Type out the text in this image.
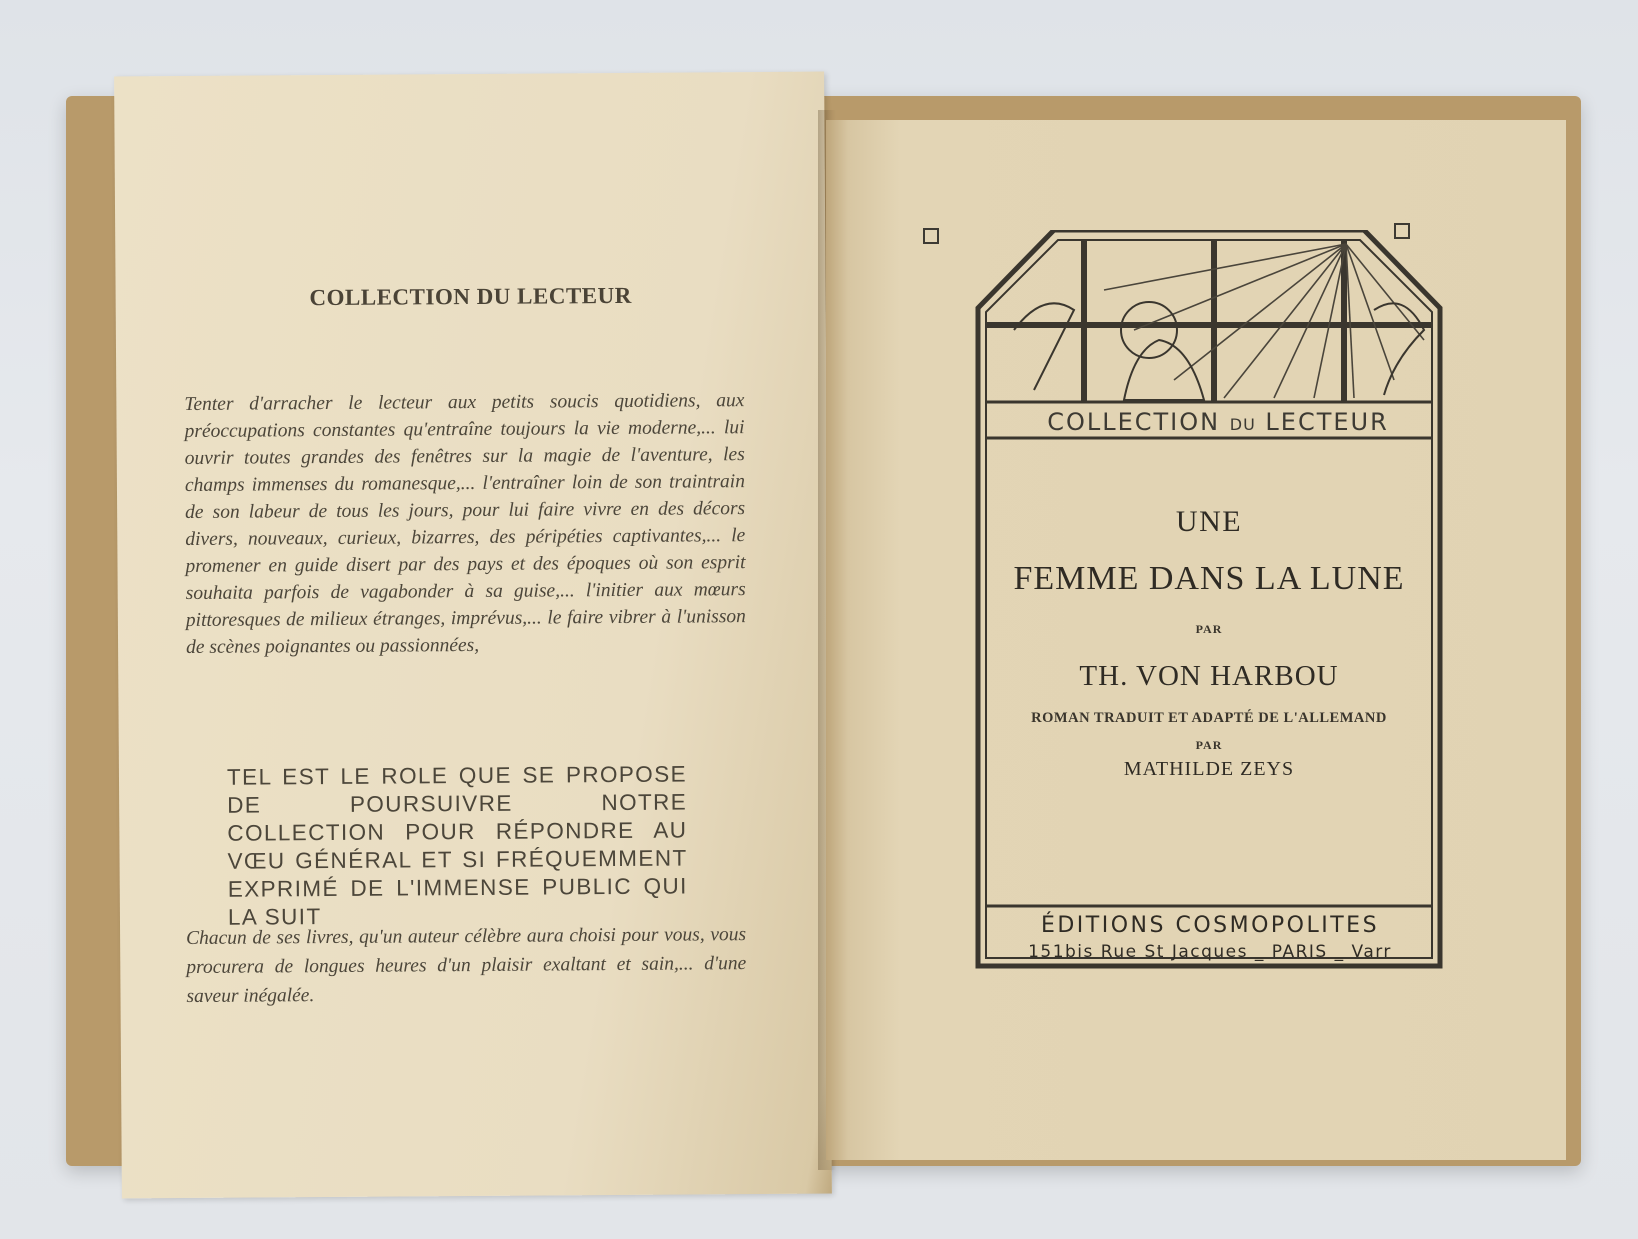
COLLECTION DU LECTEUR
Tenter d'arracher le lecteur aux petits soucis quotidiens, aux préoccupations constantes qu'entraîne toujours la vie moderne,... lui ouvrir toutes grandes des fenêtres sur la magie de l'aventure, les champs immenses du romanesque,... l'entraîner loin de son traintrain de son labeur de tous les jours, pour lui faire vivre en des décors divers, nouveaux, curieux, bizarres, des péripéties captivantes,... le promener en guide disert par des pays et des époques où son esprit souhaita parfois de vagabonder à sa guise,... l'initier aux mœurs pittoresques de milieux étranges, imprévus,... le faire vibrer à l'unisson de scènes poignantes ou passionnées,
TEL EST LE ROLE QUE SE PROPOSE DE POURSUIVRE NOTRE COLLECTION POUR RÉPONDRE AU VŒU GÉNÉRAL ET SI FRÉQUEMMENT EXPRIMÉ DE L'IMMENSE PUBLIC QUI LA SUIT
Chacun de ses livres, qu'un auteur célèbre aura choisi pour vous, vous procurera de longues heures d'un plaisir exaltant et sain,... d'une saveur inégalée.
COLLECTION DU LECTEUR
UNE
FEMME DANS LA LUNE
PAR
TH. VON HARBOU
ROMAN TRADUIT ET ADAPTÉ DE L'ALLEMAND
PAR
MATHILDE ZEYS
ÉDITIONS COSMOPOLITES
151bis Rue St Jacques _ PARIS _ Varr
